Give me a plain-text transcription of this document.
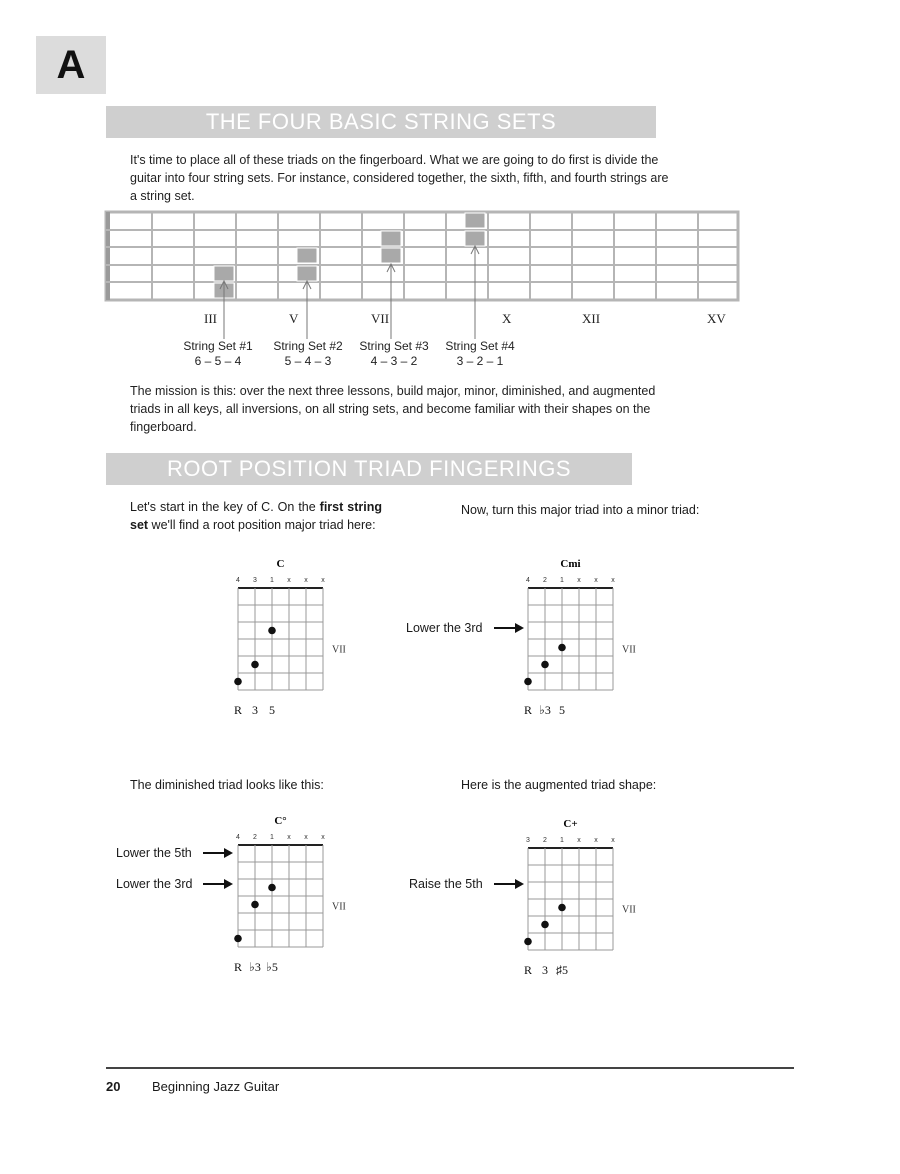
A
THE FOUR BASIC STRING SETS
It's time to place all of these triads on the fingerboard. What we are going to do first is divide the guitar into four string sets. For instance, considered together, the sixth, fifth, and fourth strings are a string set.
III	V	VII	X	XII	XV
String Set #1
6 – 5 – 4
String Set #2
5 – 4 – 3
String Set #3
4 – 3 – 2
String Set #4
3 – 2 – 1
The mission is this: over the next three lessons, build major, minor, diminished, and augmented triads in all keys, all inversions, on all string sets, and become familiar with their shapes on the fingerboard.
ROOT POSITION TRIAD FINGERINGS
Let's start in the key of C. On the first string set we'll find a root position major triad here:
Now, turn this major triad into a minor triad:
The diminished triad looks like this:	Here is the augmented triad shape:
C
4 3 1 x x x
VII
R 3 5
Cmi
4 2 1 x x x
VII
R ♭3 5
C°
4 2 1 x x x
VII
R ♭3 ♭5
C+
3 2 1 x x x
VII
R 3 ♯5
Lower the 3rd
Lower the 5th
Lower the 3rd	Raise the 5th
20 Beginning Jazz Guitar
